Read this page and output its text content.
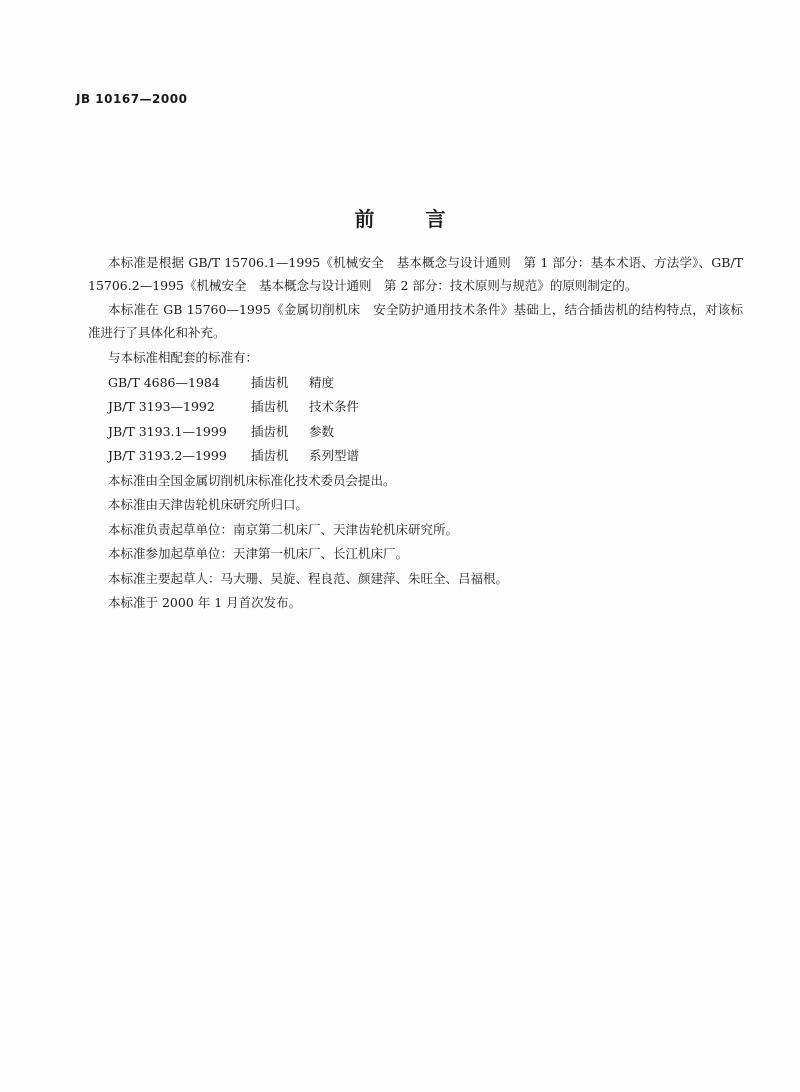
JB 10167—2000
前 言

本标准是根据 GB/T 15706.1—1995《机械安全　基本概念与设计通则　第 1 部分：基本术语、方法学》、GB/T 15706.2—1995《机械安全　基本概念与设计通则　第 2 部分：技术原则与规范》的原则制定的。

本标准在 GB 15760—1995《金属切削机床　安全防护通用技术条件》基础上，结合插齿机的结构特点，对该标准进行了具体化和补充。

与本标准相配套的标准有：
GB/T 4686—1984	插齿机	精度
JB/T 3193—1992	插齿机	技术条件
JB/T 3193.1—1999	插齿机	参数
JB/T 3193.2—1999	插齿机	系列型谱
本标准由全国金属切削机床标准化技术委员会提出。
本标准由天津齿轮机床研究所归口。
本标准负责起草单位：南京第二机床厂、天津齿轮机床研究所。
本标准参加起草单位：天津第一机床厂、长江机床厂。
本标准主要起草人：马大珊、吴旋、程良范、颜建萍、朱旺全、吕福根。
本标准于 2000 年 1 月首次发布。
